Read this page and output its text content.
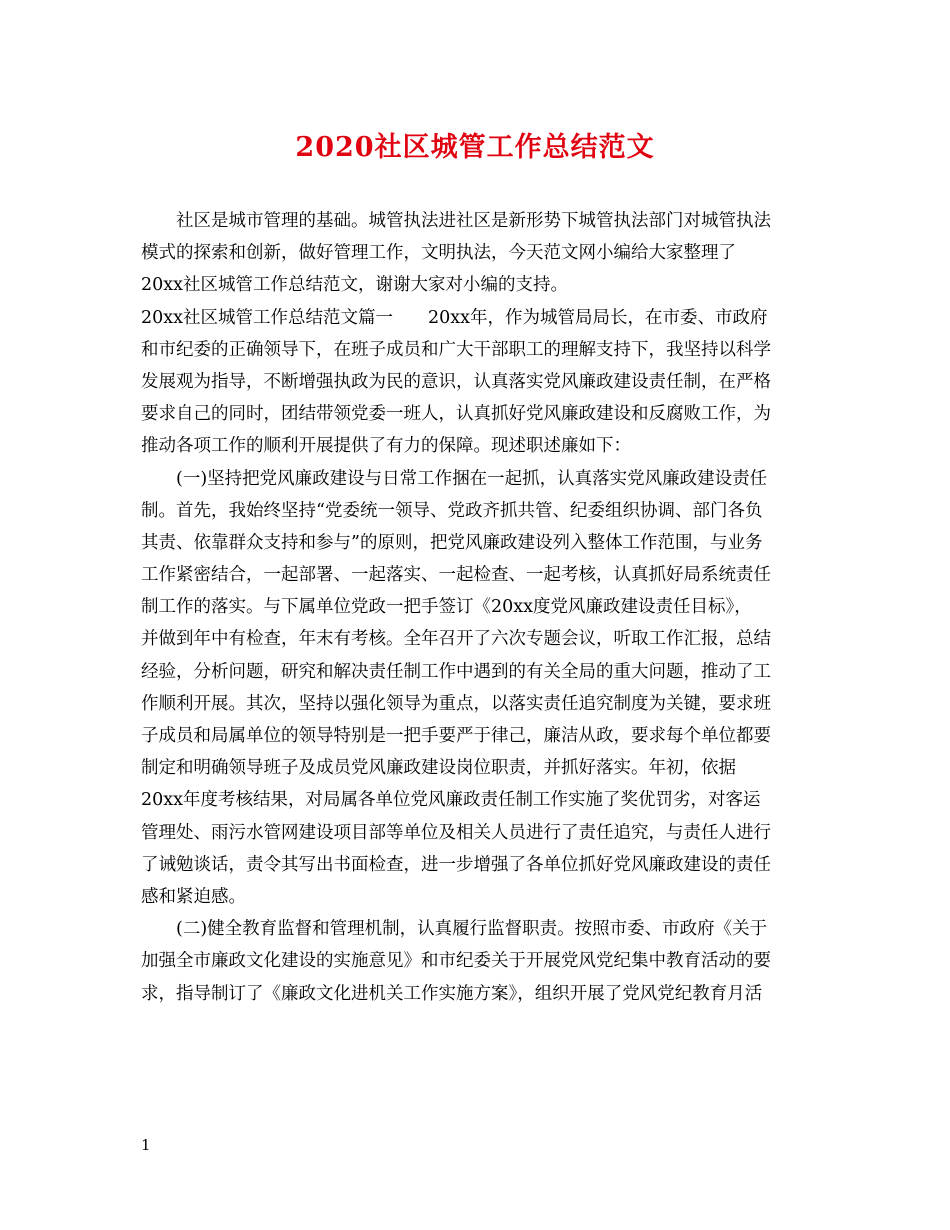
2020社区城管工作总结范文
社区是城市管理的基础。城管执法进社区是新形势下城管执法部门对城管执法
模式的探索和创新，做好管理工作，文明执法，今天范文网小编给大家整理了
20xx社区城管工作总结范文，谢谢大家对小编的支持。
20xx社区城管工作总结范文篇一　　20xx年，作为城管局局长，在市委、市政府
和市纪委的正确领导下，在班子成员和广大干部职工的理解支持下，我坚持以科学
发展观为指导，不断增强执政为民的意识，认真落实党风廉政建设责任制，在严格
要求自己的同时，团结带领党委一班人，认真抓好党风廉政建设和反腐败工作，为
推动各项工作的顺利开展提供了有力的保障。现述职述廉如下：
(一)坚持把党风廉政建设与日常工作捆在一起抓，认真落实党风廉政建设责任
制。首先，我始终坚持“党委统一领导、党政齐抓共管、纪委组织协调、部门各负
其责、依靠群众支持和参与”的原则，把党风廉政建设列入整体工作范围，与业务
工作紧密结合，一起部署、一起落实、一起检查、一起考核，认真抓好局系统责任
制工作的落实。与下属单位党政一把手签订《20xx度党风廉政建设责任目标》，
并做到年中有检查，年末有考核。全年召开了六次专题会议，听取工作汇报，总结
经验，分析问题，研究和解决责任制工作中遇到的有关全局的重大问题，推动了工
作顺利开展。其次，坚持以强化领导为重点，以落实责任追究制度为关键，要求班
子成员和局属单位的领导特别是一把手要严于律己，廉洁从政，要求每个单位都要
制定和明确领导班子及成员党风廉政建设岗位职责，并抓好落实。年初，依据
20xx年度考核结果，对局属各单位党风廉政责任制工作实施了奖优罚劣，对客运
管理处、雨污水管网建设项目部等单位及相关人员进行了责任追究，与责任人进行
了诫勉谈话，责令其写出书面检查，进一步增强了各单位抓好党风廉政建设的责任
感和紧迫感。
(二)健全教育监督和管理机制，认真履行监督职责。按照市委、市政府《关于
加强全市廉政文化建设的实施意见》和市纪委关于开展党风党纪集中教育活动的要
求，指导制订了《廉政文化进机关工作实施方案》，组织开展了党风党纪教育月活
1
